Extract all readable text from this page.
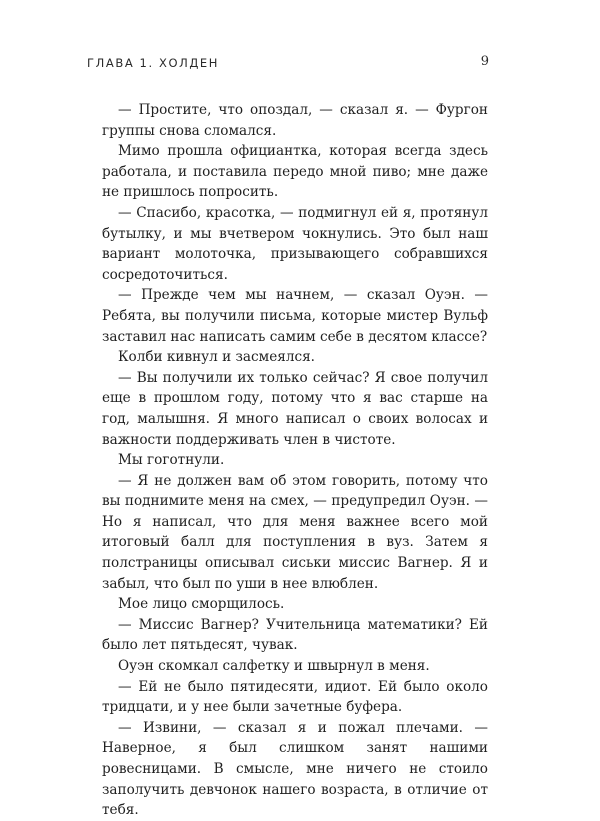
ГЛАВА 1. ХОЛДЕН	9

— Простите, что опоздал, — сказал я. — Фургон группы снова сломался.

Мимо прошла официантка, которая всегда здесь работала, и поставила передо мной пиво; мне даже не пришлось попросить.

— Спасибо, красотка, — подмигнул ей я, протянул бутылку, и мы вчетвером чокнулись. Это был наш вариант молоточка, призывающего собравшихся сосредоточиться.

— Прежде чем мы начнем, — сказал Оуэн. — Ребята, вы получили письма, которые мистер Вульф заставил нас написать самим себе в десятом классе?

Колби кивнул и засмеялся.

— Вы получили их только сейчас? Я свое получил еще в прошлом году, потому что я вас старше на год, малышня. Я много написал о своих волосах и важности поддерживать член в чистоте.

Мы гоготнули.

— Я не должен вам об этом говорить, потому что вы поднимите меня на смех, — предупредил Оуэн. — Но я написал, что для меня важнее всего мой итоговый балл для поступления в вуз. Затем я полстраницы описывал сиськи миссис Вагнер. Я и забыл, что был по уши в нее влюблен.

Мое лицо сморщилось.

— Миссис Вагнер? Учительница математики? Ей было лет пятьдесят, чувак.

Оуэн скомкал салфетку и швырнул в меня.

— Ей не было пятидесяти, идиот. Ей было около тридцати, и у нее были зачетные буфера.

— Извини, — сказал я и пожал плечами. — Наверное, я был слишком занят нашими ровесницами. В смысле, мне ничего не стоило заполучить девчонок нашего возраста, в отличие от тебя.
